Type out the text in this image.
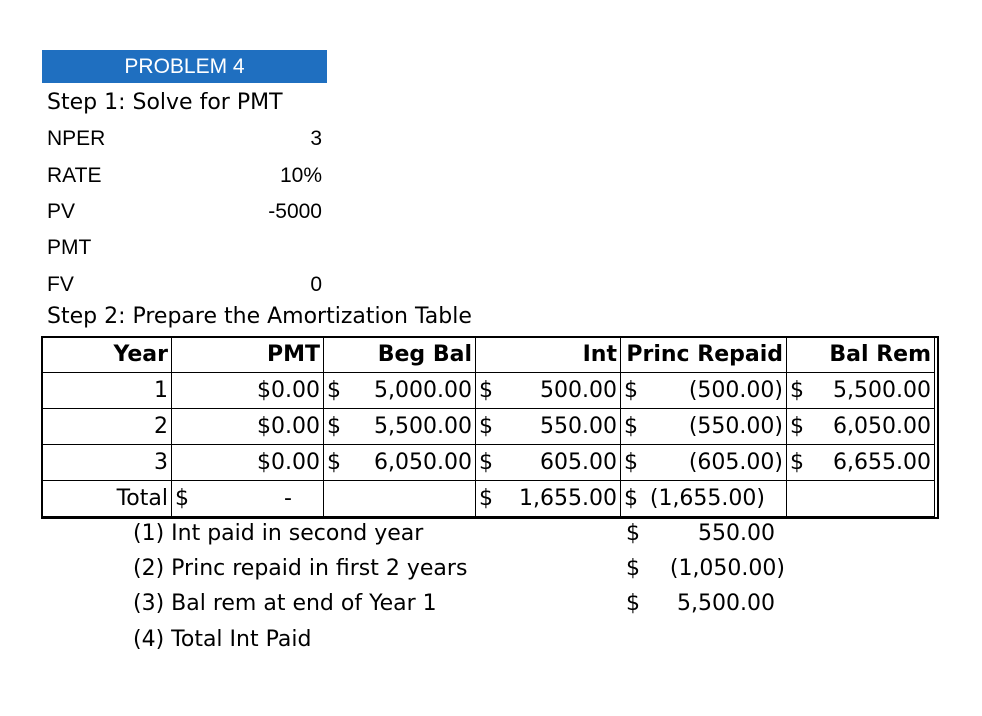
PROBLEM 4
Step 1: Solve for PMT
NPER	3
RATE	10%
PV	-5000
PMT
FV	0
Step 2: Prepare the Amortization Table
Year	PMT	Beg Bal	Int	Princ Repaid	Bal Rem
1	$0.00	$ 5,000.00	$ 500.00	$ (500.00)	$ 5,500.00

2	$0.00	$ 5,500.00	$ 550.00	$ (550.00)	$ 6,050.00

3	$0.00	$ 6,050.00	$ 605.00	$ (605.00)	$ 6,655.00

Total	$ -		$ 1,655.00	$ (1,655.00)	

(1) Int paid in second year	$	550.00
(2) Princ repaid in first 2 years	$	(1,050.00)
(3) Bal rem at end of Year 1	$	5,500.00
(4) Total Int Paid
